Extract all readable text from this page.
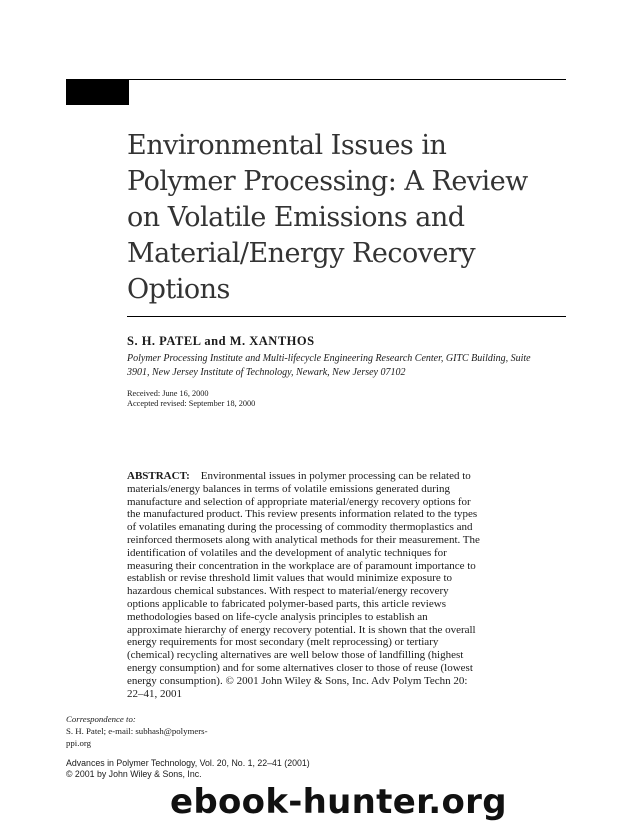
Environmental Issues in
Polymer Processing: A Review
on Volatile Emissions and
Material/Energy Recovery
Options

S. H. PATEL and M. XANTHOS

Polymer Processing Institute and Multi-lifecycle Engineering Research Center, GITC Building, Suite
3901, New Jersey Institute of Technology, Newark, New Jersey 07102

Received: June 16, 2000
Accepted revised: September 18, 2000

ABSTRACT: Environmental issues in polymer processing can be related to
materials/energy balances in terms of volatile emissions generated during
manufacture and selection of appropriate material/energy recovery options for
the manufactured product. This review presents information related to the types
of volatiles emanating during the processing of commodity thermoplastics and
reinforced thermosets along with analytical methods for their measurement. The
identification of volatiles and the development of analytic techniques for
measuring their concentration in the workplace are of paramount importance to
establish or revise threshold limit values that would minimize exposure to
hazardous chemical substances. With respect to material/energy recovery
options applicable to fabricated polymer-based parts, this article reviews
methodologies based on life-cycle analysis principles to establish an
approximate hierarchy of energy recovery potential. It is shown that the overall
energy requirements for most secondary (melt reprocessing) or tertiary
(chemical) recycling alternatives are well below those of landfilling (highest
energy consumption) and for some alternatives closer to those of reuse (lowest
energy consumption). © 2001 John Wiley & Sons, Inc. Adv Polym Techn 20:
22–41, 2001

Correspondence to:
S. H. Patel; e-mail: subhash@polymers-
ppi.org

Advances in Polymer Technology, Vol. 20, No. 1, 22–41 (2001)
© 2001 by John Wiley & Sons, Inc.

ebook-hunter.org
